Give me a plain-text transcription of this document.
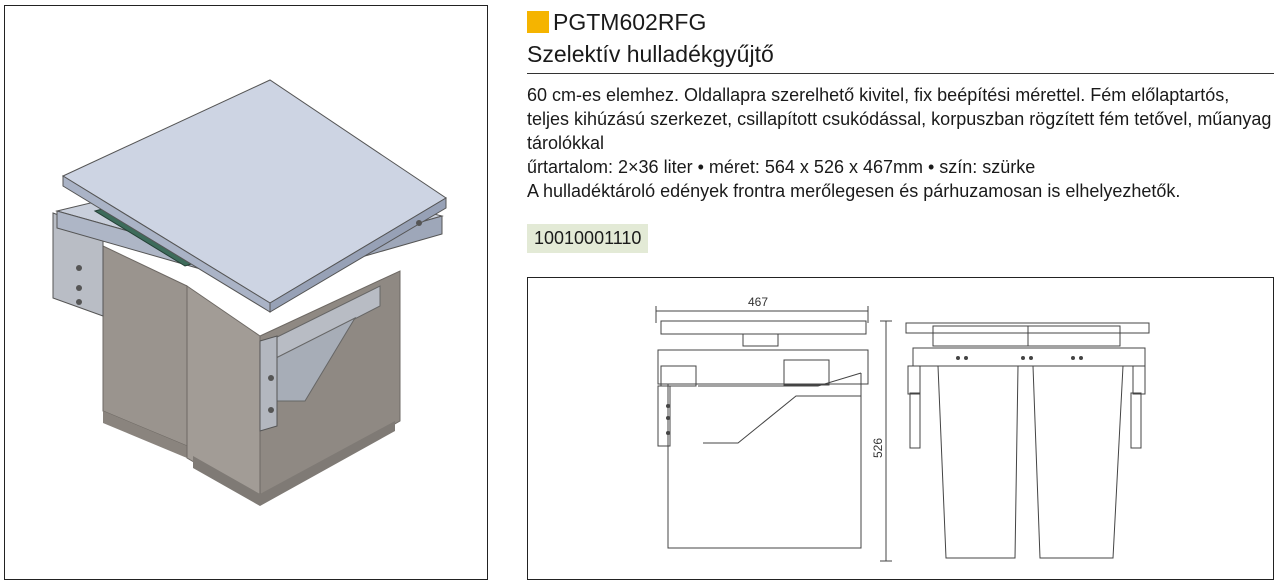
PGTM602RFG
Szelektív hulladékgyűjtő

60 cm-es elemhez. Oldallapra szerelhető kivitel, fix beépítési mérettel. Fém előlaptartós, teljes kihúzású szerkezet, csillapított csukódással, korpuszban rögzített fém tetővel, műanyag tárolókkal

űrtartalom: 2×36 liter • méret: 564 x 526 x 467mm • szín: szürke

A hulladéktároló edények frontra merőlegesen és párhuzamosan is elhelyezhetők.

10010001110
467
526
